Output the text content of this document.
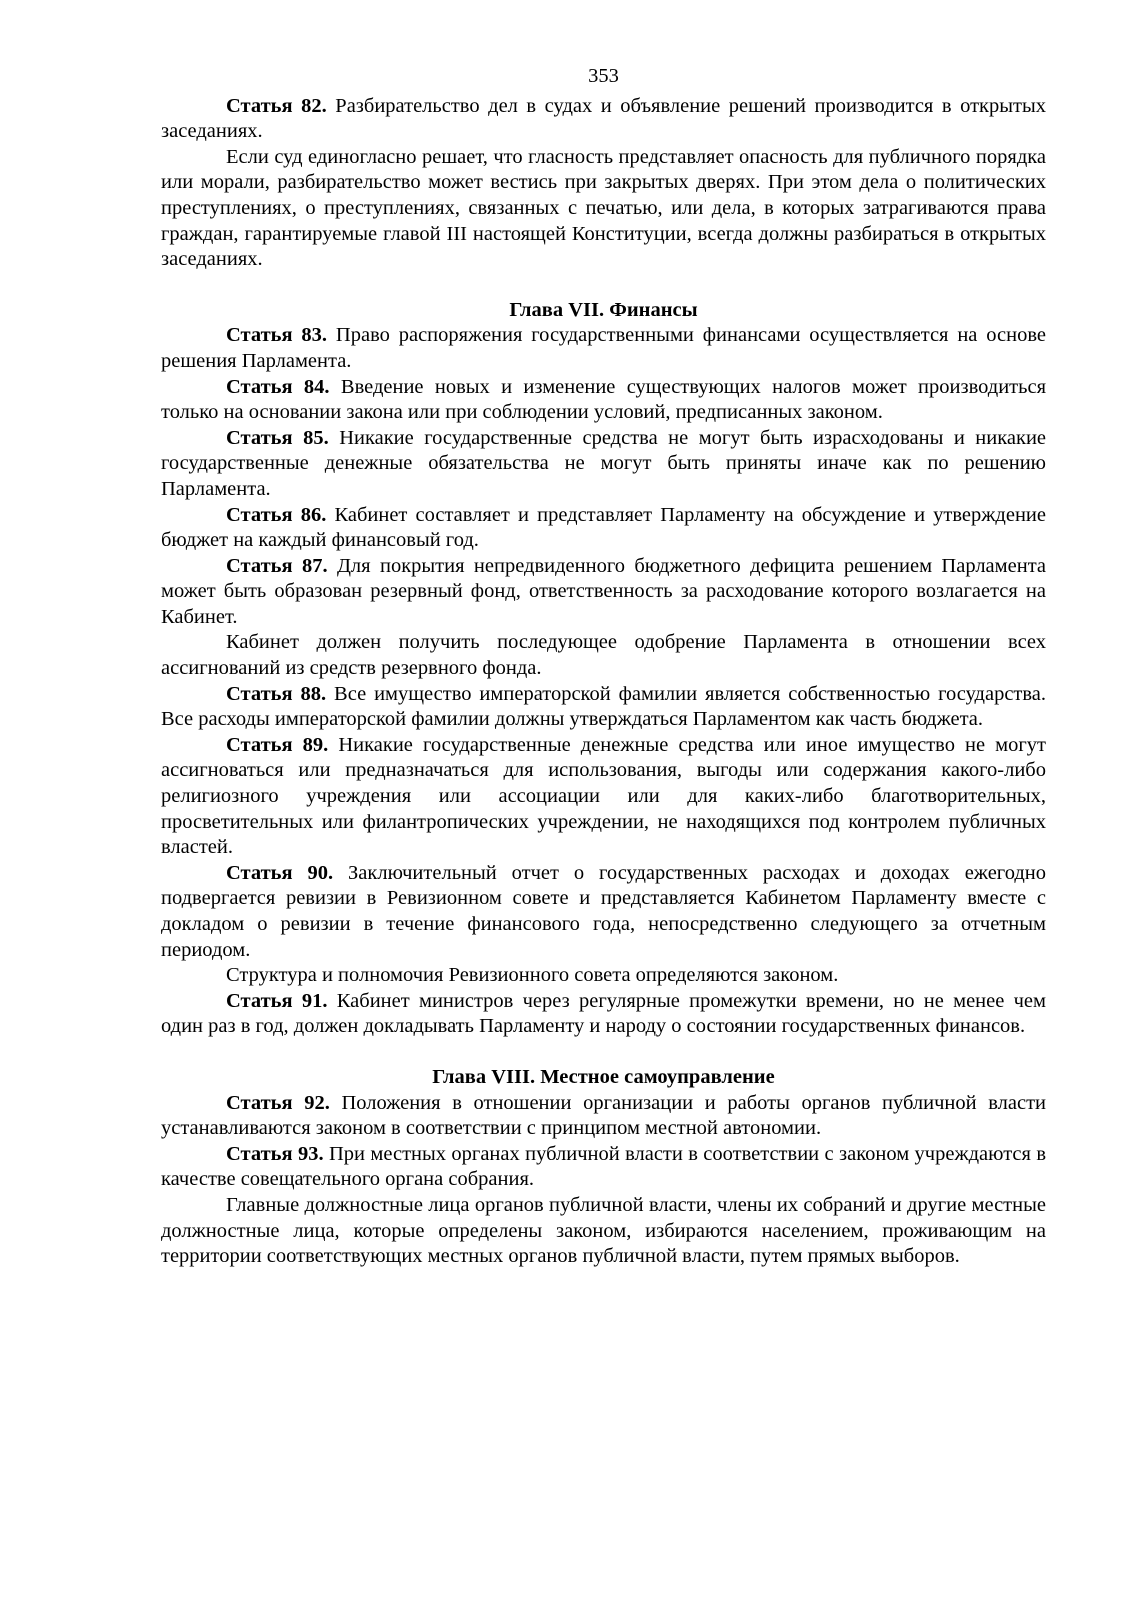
353

Статья 82. Разбирательство дел в судах и объявление решений производится в открытых заседаниях.

Если суд единогласно решает, что гласность представляет опасность для публичного порядка или морали, разбирательство может вестись при закрытых дверях. При этом дела о политических преступлениях, о преступлениях, связанных с печатью, или дела, в которых затрагиваются права граждан, гарантируемые главой III настоящей Конституции, всегда должны разбираться в открытых заседаниях.

Глава VII. Финансы

Статья 83. Право распоряжения государственными финансами осуществляется на основе решения Парламента.

Статья 84. Введение новых и изменение существующих налогов может производиться только на основании закона или при соблюдении условий, предписанных законом.

Статья 85. Никакие государственные средства не могут быть израсходованы и никакие государственные денежные обязательства не могут быть приняты иначе как по решению Парламента.

Статья 86. Кабинет составляет и представляет Парламенту на обсуждение и утверждение бюджет на каждый финансовый год.

Статья 87. Для покрытия непредвиденного бюджетного дефицита решением Парламента может быть образован резервный фонд, ответственность за расходование которого возлагается на Кабинет.

Кабинет должен получить последующее одобрение Парламента в отношении всех ассигнований из средств резервного фонда.

Статья 88. Все имущество императорской фамилии является собственностью государства. Все расходы императорской фамилии должны утверждаться Парламентом как часть бюджета.

Статья 89. Никакие государственные денежные средства или иное имущество не могут ассигноваться или предназначаться для использования, выгоды или содержания какого-либо религиозного учреждения или ассоциации или для каких-либо благотворительных, просветительных или филантропических учреждении, не находящихся под контролем публичных властей.

Статья 90. Заключительный отчет о государственных расходах и доходах ежегодно подвергается ревизии в Ревизионном совете и представляется Кабинетом Парламенту вместе с докладом о ревизии в течение финансового года, непосредственно следующего за отчетным периодом.

Структура и полномочия Ревизионного совета определяются законом.

Статья 91. Кабинет министров через регулярные промежутки времени, но не менее чем один раз в год, должен докладывать Парламенту и народу о состоянии государственных финансов.

Глава VIII. Местное самоуправление

Статья 92. Положения в отношении организации и работы органов публичной власти устанавливаются законом в соответствии с принципом местной автономии.

Статья 93. При местных органах публичной власти в соответствии с законом учреждаются в качестве совещательного органа собрания.

Главные должностные лица органов публичной власти, члены их собраний и другие местные должностные лица, которые определены законом, избираются населением, проживающим на территории соответствующих местных органов публичной власти, путем прямых выборов.
